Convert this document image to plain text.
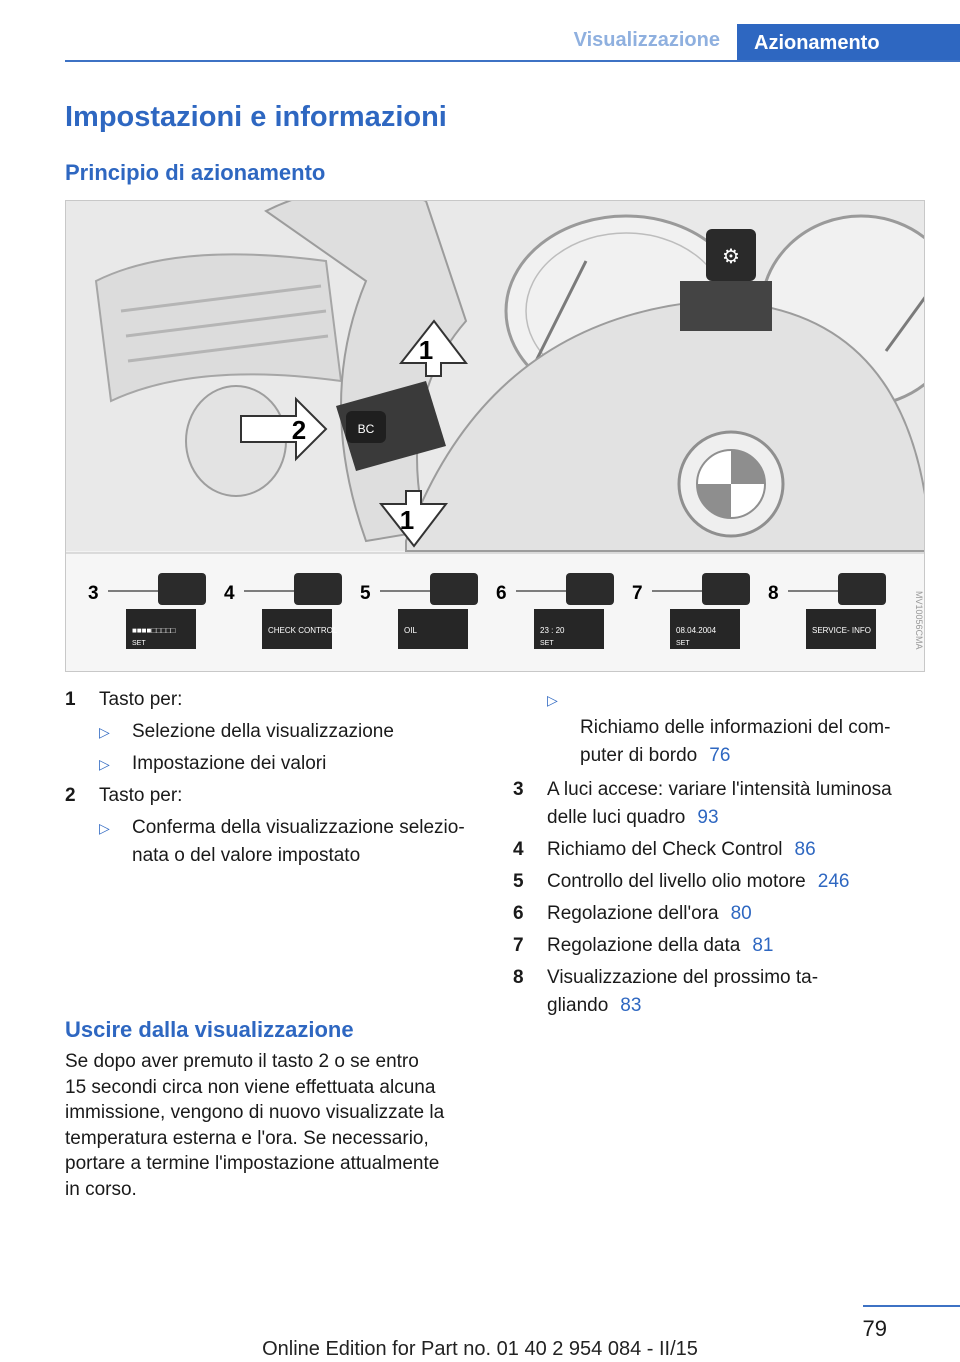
Visualizzazione	Azionamento
Impostazioni e informazioni
Principio di azionamento
⚙
BC
1
1
2
3
■■■■□□□□□
SET
4
CHECK CONTROL
5
OIL
6
23 : 20
SET
7
08.04.2004
SET
8
SERVICE- INFO	MV10056CMA
1 Tasto per:
▷ Selezione della visualizzazione
▷ Impostazione dei valori
2 Tasto per:
▷ Conferma della visualizzazione selezio-
nata o del valore impostato

▷
Richiamo delle informazioni del com-
puter di bordo 76

3 A luci accese: variare l'intensità luminosa
delle luci quadro 93
4 Richiamo del Check Control 86
5 Controllo del livello olio motore 246
6 Regolazione dell'ora 80
7 Regolazione della data 81
8 Visualizzazione del prossimo ta-
gliando 83
Uscire dalla visualizzazione

Se dopo aver premuto il tasto 2 o se entro
15 secondi circa non viene effettuata alcuna
immissione, vengono di nuovo visualizzate la
temperatura esterna e l'ora. Se necessario,
portare a termine l'impostazione attualmente
in corso.

79
Online Edition for Part no. 01 40 2 954 084 - II/15
